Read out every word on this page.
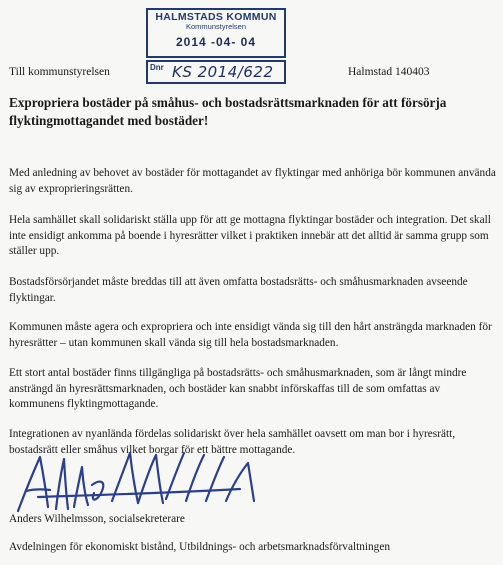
HALMSTADS KOMMUN
Kommunstyrelsen
2014 -04- 04
Dnr KS 2014/622
Till kommunstyrelsen	Halmstad 140403
Expropriera bostäder på småhus- och bostadsrättsmarknaden för att försörja flyktingmottagandet med bostäder!
Med anledning av behovet av bostäder för mottagandet av flyktingar med anhöriga bör kommunen använda sig av exproprieringsrätten.
Hela samhället skall solidariskt ställa upp för att ge mottagna flyktingar bostäder och integration. Det skall inte ensidigt ankomma på boende i hyresrätter vilket i praktiken innebär att det alltid är samma grupp som ställer upp.
Bostadsförsörjandet måste breddas till att även omfatta bostadsrätts- och småhusmarknaden avseende flyktingar.
Kommunen måste agera och expropriera och inte ensidigt vända sig till den hårt ansträngda marknaden för hyresrätter – utan kommunen skall vända sig till hela bostadsmarknaden.
Ett stort antal bostäder finns tillgängliga på bostadsrätts- och småhusmarknaden, som är långt mindre ansträngd än hyresrättsmarknaden, och bostäder kan snabbt införskaffas till de som omfattas av kommunens flyktingmottagande.
Integrationen av nyanlända fördelas solidariskt över hela samhället oavsett om man bor i hyresrätt, bostadsrätt eller småhus vilket borgar för ett bättre mottagande.
Anders Wilhelmsson, socialsekreterare
Avdelningen för ekonomiskt bistånd, Utbildnings- och arbetsmarknadsförvaltningen
